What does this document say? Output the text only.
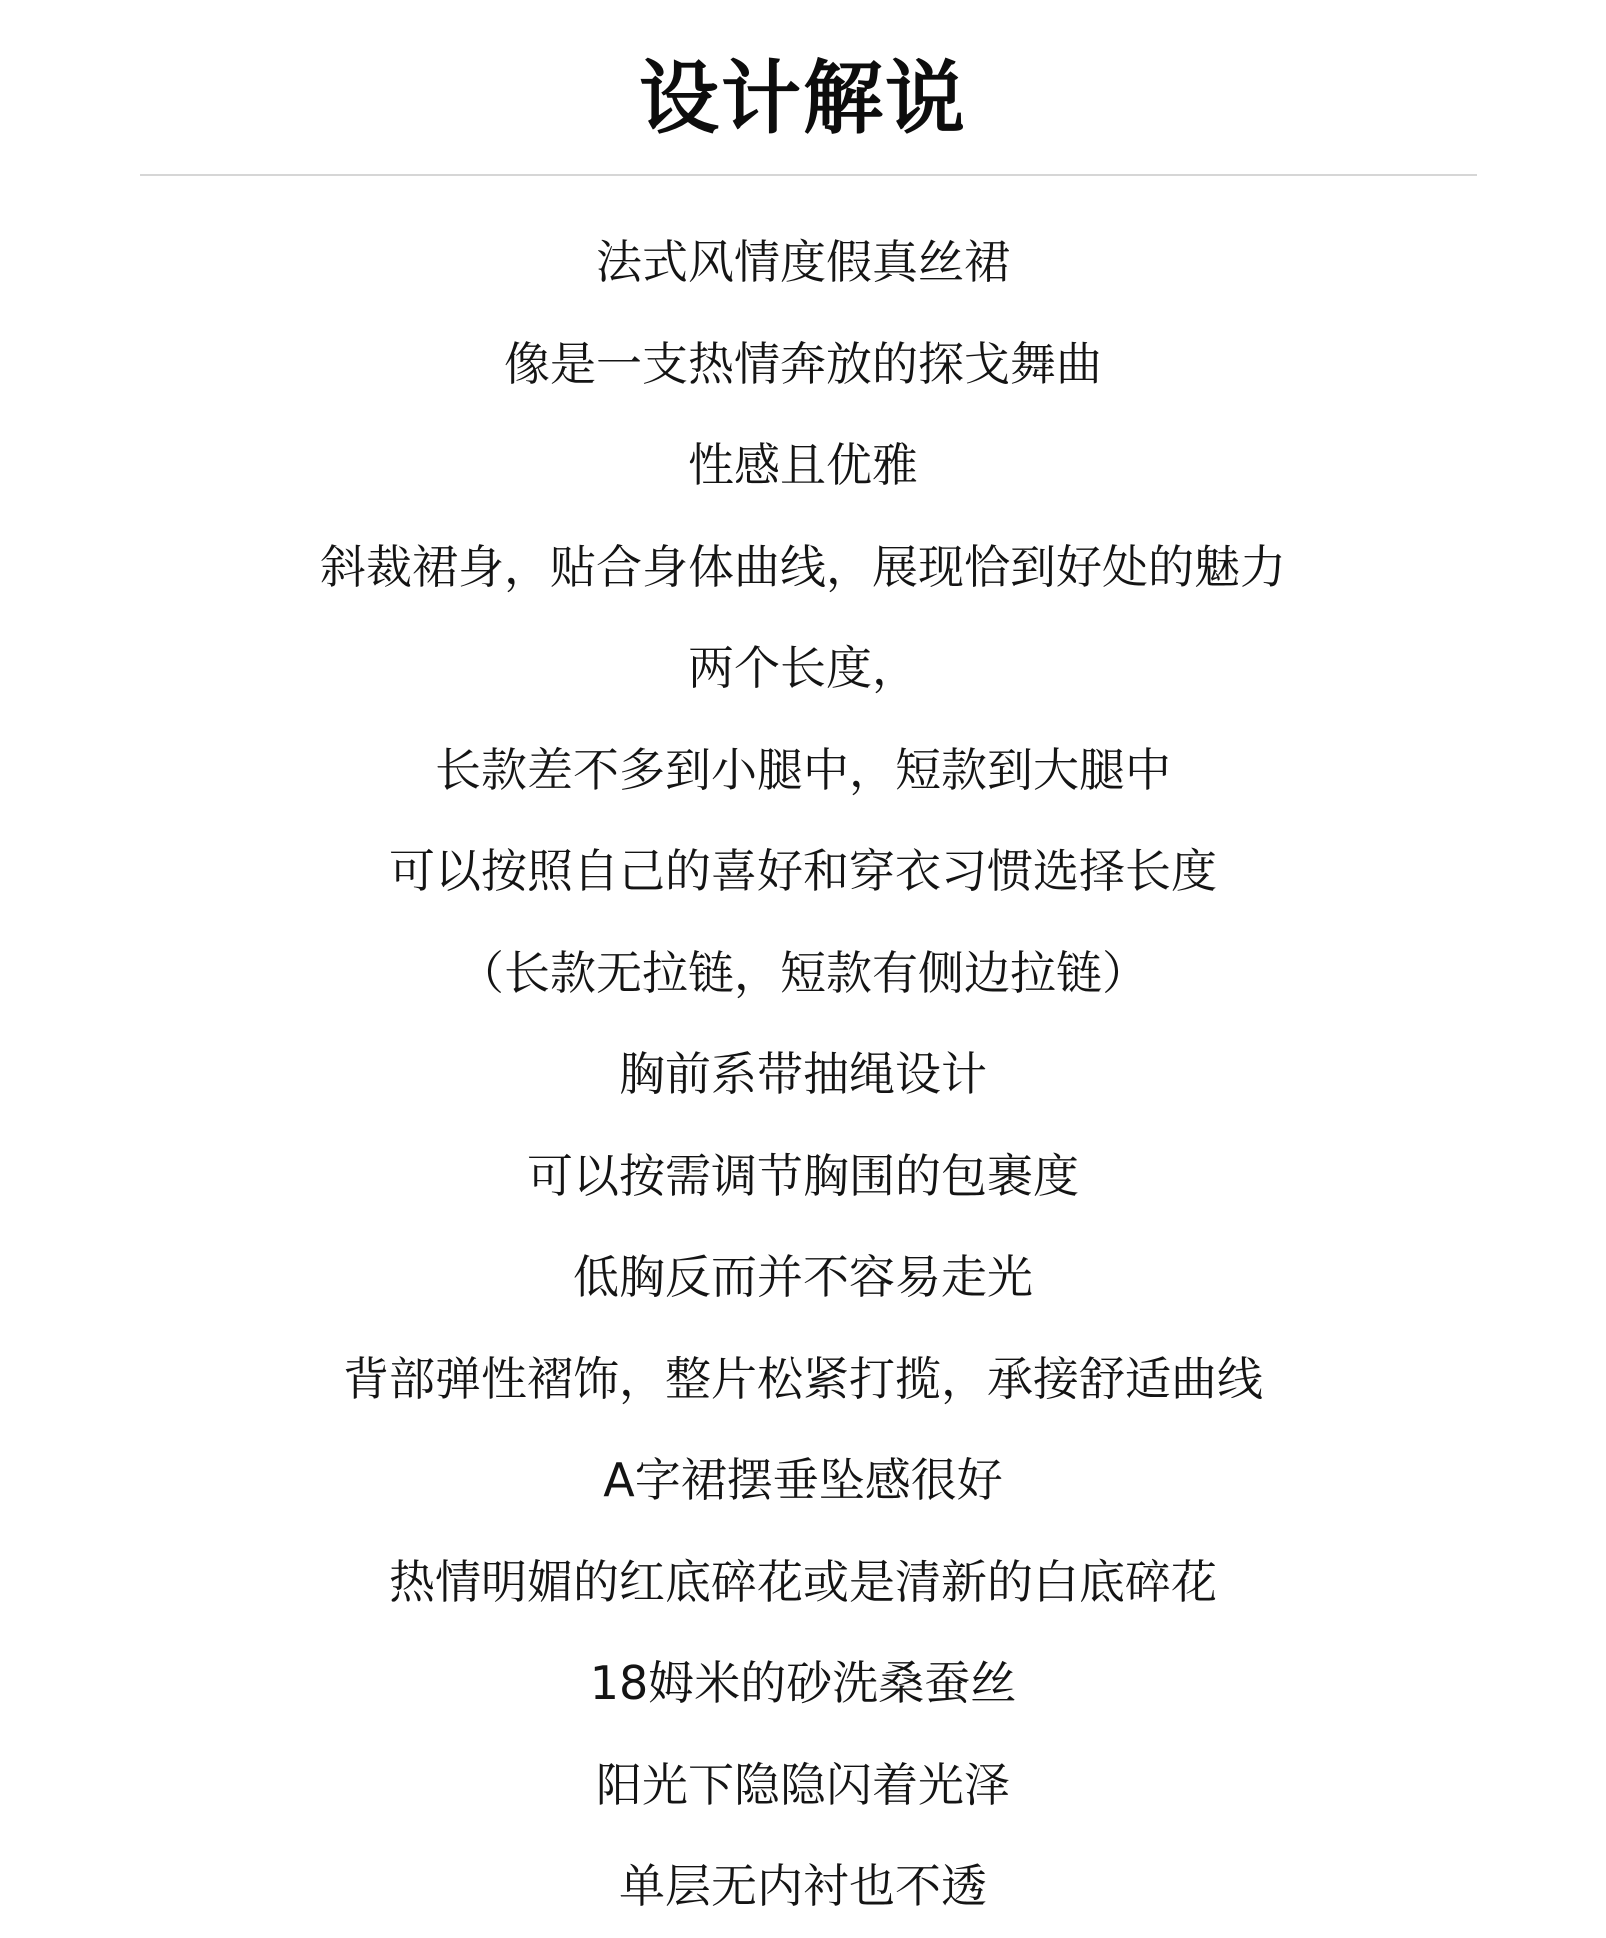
设计解说
法式风情度假真丝裙
像是一支热情奔放的探戈舞曲
性感且优雅
斜裁裙身，贴合身体曲线，展现恰到好处的魅力
两个长度，
长款差不多到小腿中，短款到大腿中
可以按照自己的喜好和穿衣习惯选择长度
（长款无拉链，短款有侧边拉链）
胸前系带抽绳设计
可以按需调节胸围的包裹度
低胸反而并不容易走光
背部弹性褶饰，整片松紧打揽，承接舒适曲线
A字裙摆垂坠感很好
热情明媚的红底碎花或是清新的白底碎花
18姆米的砂洗桑蚕丝
阳光下隐隐闪着光泽
单层无内衬也不透
